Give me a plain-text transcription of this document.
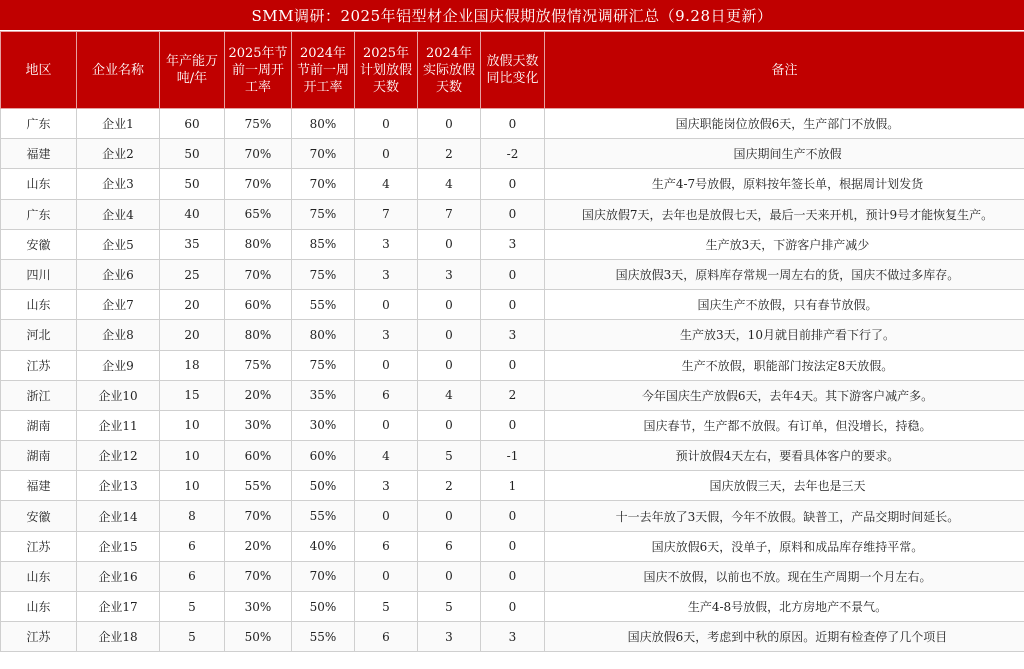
SMM调研：2025年铝型材企业国庆假期放假情况调研汇总（9.28日更新）
地区	企业名称	年产能万吨/年	2025年节前一周开工率	2024年节前一周开工率	2025年计划放假天数	2024年实际放假天数	放假天数同比变化	备注
广东	企业1	60	75%	80%	0	0	0	国庆职能岗位放假6天，生产部门不放假。
福建	企业2	50	70%	70%	0	2	-2	国庆期间生产不放假
山东	企业3	50	70%	70%	4	4	0	生产4-7号放假，原料按年签长单，根据周计划发货
广东	企业4	40	65%	75%	7	7	0	国庆放假7天，去年也是放假七天，最后一天来开机，预计9号才能恢复生产。
安徽	企业5	35	80%	85%	3	0	3	生产放3天，下游客户排产减少
四川	企业6	25	70%	75%	3	3	0	国庆放假3天，原料库存常规一周左右的货，国庆不做过多库存。
山东	企业7	20	60%	55%	0	0	0	国庆生产不放假，只有春节放假。
河北	企业8	20	80%	80%	3	0	3	生产放3天，10月就目前排产看下行了。
江苏	企业9	18	75%	75%	0	0	0	生产不放假，职能部门按法定8天放假。
浙江	企业10	15	20%	35%	6	4	2	今年国庆生产放假6天，去年4天。其下游客户减产多。
湖南	企业11	10	30%	30%	0	0	0	国庆春节，生产都不放假。有订单，但没增长，持稳。
湖南	企业12	10	60%	60%	4	5	-1	预计放假4天左右，要看具体客户的要求。
福建	企业13	10	55%	50%	3	2	1	国庆放假三天，去年也是三天
安徽	企业14	8	70%	55%	0	0	0	十一去年放了3天假，今年不放假。缺普工，产品交期时间延长。
江苏	企业15	6	20%	40%	6	6	0	国庆放假6天，没单子，原料和成品库存维持平常。
山东	企业16	6	70%	70%	0	0	0	国庆不放假，以前也不放。现在生产周期一个月左右。
山东	企业17	5	30%	50%	5	5	0	生产4-8号放假，北方房地产不景气。
江苏	企业18	5	50%	55%	6	3	3	国庆放假6天，考虑到中秋的原因。近期有检查停了几个项目
